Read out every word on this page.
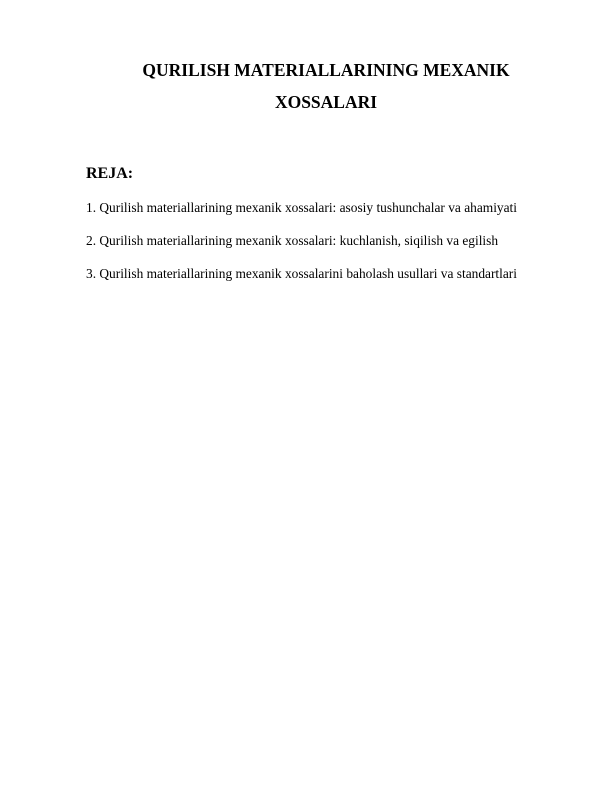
QURILISH MATERIALLARINING MEXANIK
XOSSALARI
REJA:
1. Qurilish materiallarining mexanik xossalari: asosiy tushunchalar va ahamiyati
2. Qurilish materiallarining mexanik xossalari: kuchlanish, siqilish va egilish
3. Qurilish materiallarining mexanik xossalarini baholash usullari va standartlari
